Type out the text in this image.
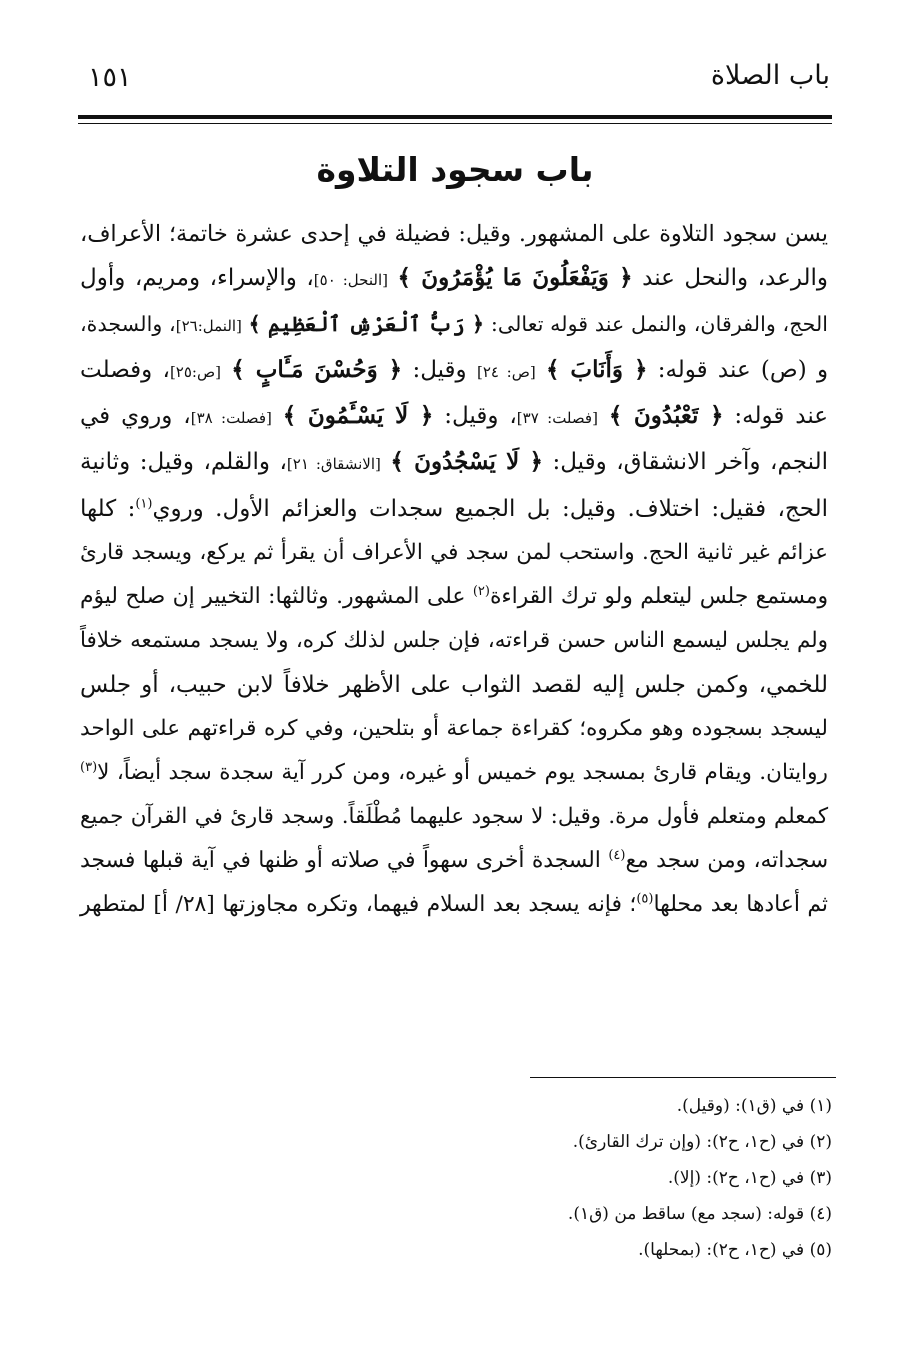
باب الصلاة
١٥١
باب سجود التلاوة
يسن سجود التلاوة على المشهور. وقيل: فضيلة في إحدى عشرة خاتمة؛ الأعراف،
والرعد، والنحل عند ﴿ وَيَفْعَلُونَ مَا يُؤْمَرُونَ ﴾ [النحل: ٥٠]، والإسراء، ومريم، وأول
الحج، والفرقان، والنمل عند قوله تعالى: ﴿ رَبُّ ٱلْعَرْشِ ٱلْعَظِيمِ ﴾ [النمل:٢٦]، والسجدة،
و (ص) عند قوله: ﴿ وَأَنَابَ ﴾ [ص: ٢٤] وقيل: ﴿ وَحُسْنَ مَـَٔابٍ ﴾ [ص:٢٥]، وفصلت
عند قوله: ﴿ تَعْبُدُونَ ﴾ [فصلت: ٣٧]، وقيل: ﴿ لَا يَسْـَٔمُونَ ﴾ [فصلت: ٣٨]، وروي في
النجم، وآخر الانشقاق، وقيل: ﴿ لَا يَسْجُدُونَ ﴾ [الانشقاق: ٢١]، والقلم، وقيل: وثانية
الحج، فقيل: اختلاف. وقيل: بل الجميع سجدات والعزائم الأول. وروي$^{(١)}$: كلها
عزائم غير ثانية الحج. واستحب لمن سجد في الأعراف أن يقرأ ثم يركع، ويسجد قارئ
ومستمع جلس ليتعلم ولو ترك القراءة$^{(٢)}$ على المشهور. وثالثها: التخيير إن صلح ليؤم
ولم يجلس ليسمع الناس حسن قراءته، فإن جلس لذلك كره، ولا يسجد مستمعه خلافاً
للخمي، وكمن جلس إليه لقصد الثواب على الأظهر خلافاً لابن حبيب، أو جلس
ليسجد بسجوده وهو مكروه؛ كقراءة جماعة أو بتلحين، وفي كره قراءتهم على الواحد
روايتان. ويقام قارئ بمسجد يوم خميس أو غيره، ومن كرر آية سجدة سجد أيضاً، لا$^{(٣)}$
كمعلم ومتعلم فأول مرة. وقيل: لا سجود عليهما مُطْلَقاً. وسجد قارئ في القرآن جميع
سجداته، ومن سجد مع$^{(٤)}$ السجدة أخرى سهواً في صلاته أو ظنها في آية قبلها فسجد
ثم أعادها بعد محلها$^{(٥)}$؛ فإنه يسجد بعد السلام فيهما، وتكره مجاوزتها [٢٨/ أ] لمتطهر
(١) في (ق١): (وقيل).
(٢) في (ح١، ح٢): (وإن ترك القارئ).
(٣) في (ح١، ح٢): (إلا).
(٤) قوله: (سجد مع) ساقط من (ق١).
(٥) في (ح١، ح٢): (بمحلها).
